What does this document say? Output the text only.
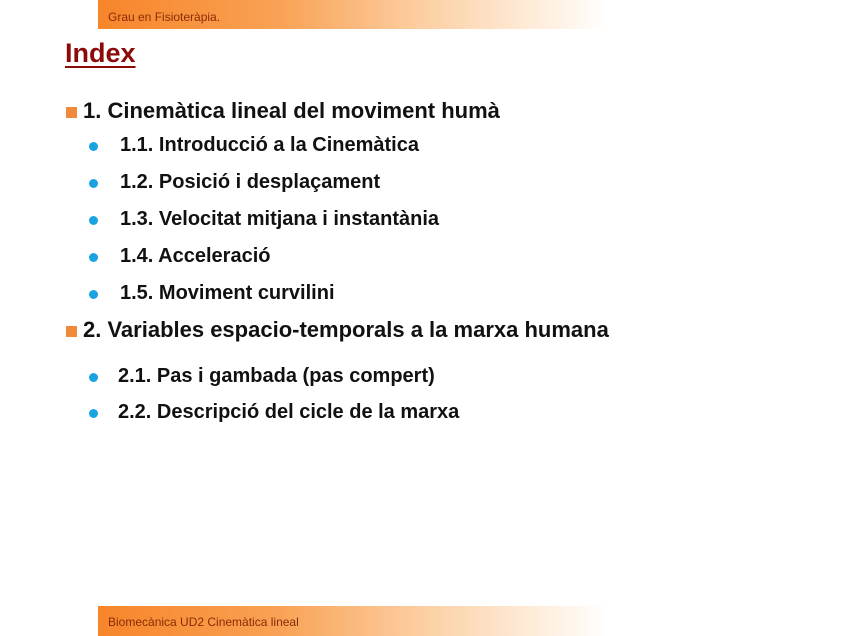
Grau en Fisioteràpia.
Index
1. Cinemàtica lineal del moviment humà
1.1. Introducció a la Cinemàtica
1.2. Posició i desplaçament
1.3. Velocitat mitjana i instantània
1.4. Acceleració
1.5. Moviment curvilini
2. Variables espacio-temporals a la marxa humana
2.1. Pas i gambada (pas compert)
2.2. Descripció del cicle de la marxa
Biomecànica UD2 Cinemàtica lineal
